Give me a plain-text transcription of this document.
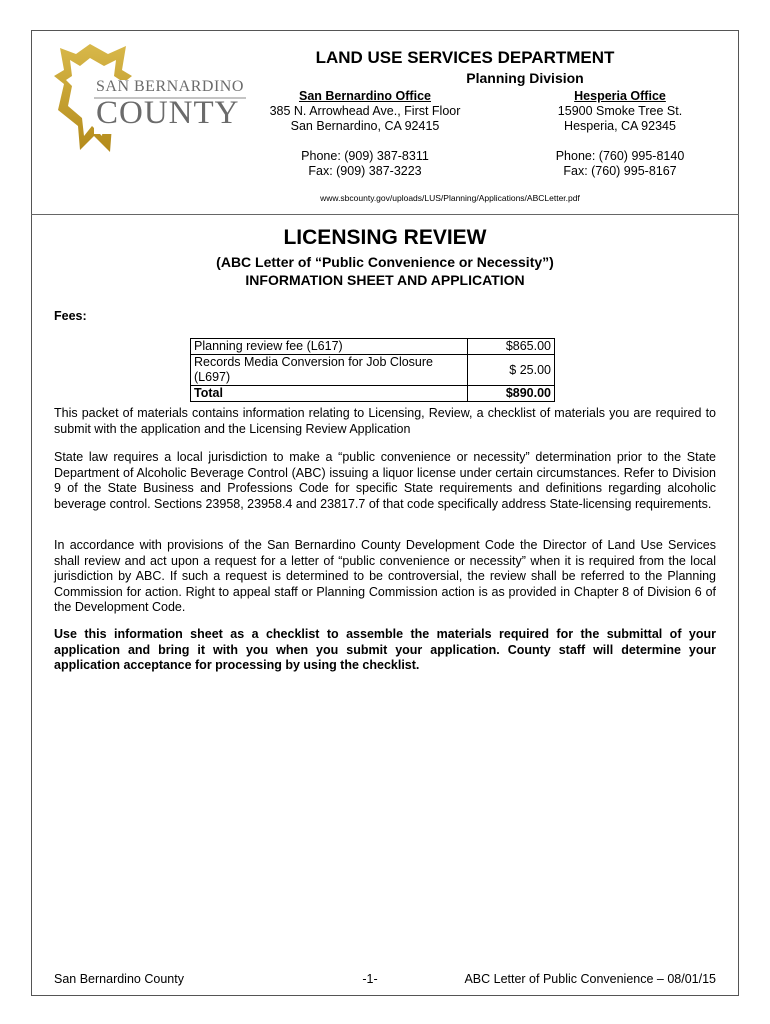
SAN BERNARDINO
COUNTY
LAND USE SERVICES DEPARTMENT
Planning Division
San Bernardino Office
385 N. Arrowhead Ave., First Floor
San Bernardino, CA 92415
Phone: (909) 387-8311
Fax: (909) 387-3223
Hesperia Office
15900 Smoke Tree St.
Hesperia, CA 92345
Phone: (760) 995-8140
Fax: (760) 995-8167
www.sbcounty.gov/uploads/LUS/Planning/Applications/ABCLetter.pdf
LICENSING REVIEW
(ABC Letter of “Public Convenience or Necessity”)
INFORMATION SHEET AND APPLICATION
Fees:
Planning review fee (L617)	$865.00
Records Media Conversion for Job Closure (L697)	$ 25.00
Total	$890.00
This packet of materials contains information relating to Licensing, Review, a checklist of materials you are required to submit with the application and the Licensing Review Application
State law requires a local jurisdiction to make a “public convenience or necessity” determination prior to the State Department of Alcoholic Beverage Control (ABC) issuing a liquor license under certain circumstances. Refer to Division 9 of the State Business and Professions Code for specific State requirements and definitions regarding alcoholic beverage control. Sections 23958, 23958.4 and 23817.7 of that code specifically address State-licensing requirements.
In accordance with provisions of the San Bernardino County Development Code the Director of Land Use Services shall review and act upon a request for a letter of “public convenience or necessity” when it is required from the local jurisdiction by ABC. If such a request is determined to be controversial, the review shall be referred to the Planning Commission for action. Right to appeal staff or Planning Commission action is as provided in Chapter 8 of Division 6 of the Development Code.
Use this information sheet as a checklist to assemble the materials required for the submittal of your application and bring it with you when you submit your application. County staff will determine your application acceptance for processing by using the checklist.
San Bernardino County	-1-	ABC Letter of Public Convenience – 08/01/15
